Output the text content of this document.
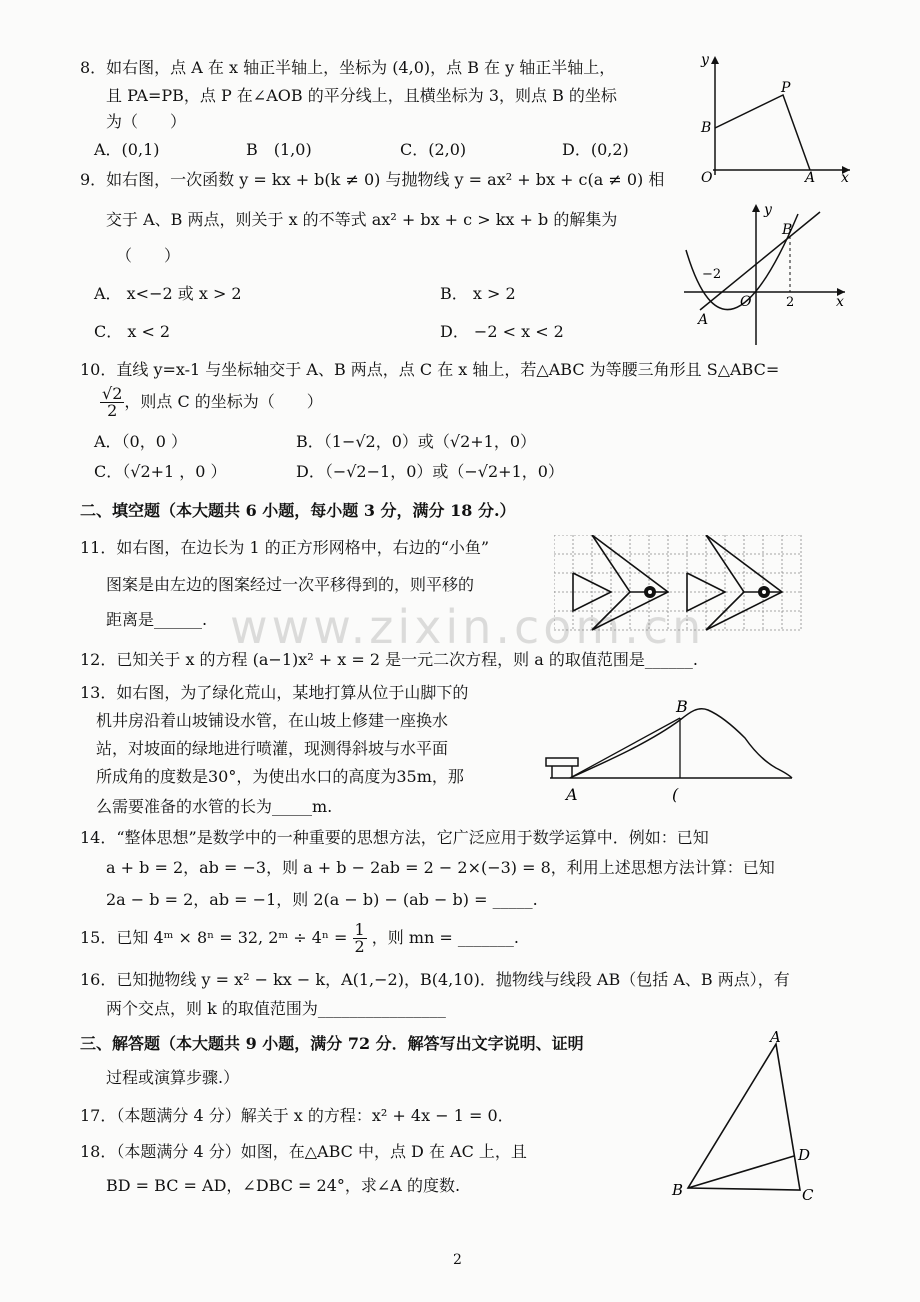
www.zixin.com.cn
8．如右图，点 A 在 x 轴正半轴上，坐标为 (4,0)，点 B 在 y 轴正半轴上，
且 PA=PB，点 P 在∠AOB 的平分线上，且横坐标为 3，则点 B 的坐标
为（　　）
A．(0,1)	B　(1,0)	C．(2,0)	D．(0,2)
y
x
O	A
B
P
9．如右图，一次函数 y = kx + b(k ≠ 0) 与抛物线 y = ax² + bx + c(a ≠ 0) 相
交于 A、B 两点，则关于 x 的不等式 ax² + bx + c > kx + b 的解集为
（　　）
A． x<−2 或 x > 2	B． x > 2
C． x < 2	D． −2 < x < 2
y
x
O
A
B
−2
2
10．直线 y=x-1 与坐标轴交于 A、B 两点，点 C 在 x 轴上，若△ABC 为等腰三角形且 S△ABC=
$\frac{√2}{2}$ ，则点 C 的坐标为（　　）
A．（0，0 ）	B．（1−√2，0）或（√2+1，0）
C．（√2+1 ，0 ）	D．（−√2−1，0）或（−√2+1，0）
二、填空题（本大题共 6 小题，每小题 3 分，满分 18 分.）
11．如右图，在边长为 1 的正方形网格中，右边的“小鱼”
图案是由左边的图案经过一次平移得到的，则平移的
距离是______.
12．已知关于 x 的方程 (a−1)x² + x = 2 是一元二次方程，则 a 的取值范围是______.
13．如右图，为了绿化荒山，某地打算从位于山脚下的
机井房沿着山坡铺设水管，在山坡上修建一座换水
站，对坡面的绿地进行喷灌，现测得斜坡与水平面
所成角的度数是30°，为使出水口的高度为35m，那
么需要准备的水管的长为_____m.
A
B
(
14．“整体思想”是数学中的一种重要的思想方法，它广泛应用于数学运算中．例如：已知
a + b = 2，ab = −3，则 a + b − 2ab = 2 − 2×(−3) = 8，利用上述思想方法计算：已知
2a − b = 2，ab = −1，则 2(a − b) − (ab − b) = _____.
15．已知 4ᵐ × 8ⁿ = 32, 2ᵐ ÷ $4^n = \frac{1}{2}$ ，则 mn = _______.
16．已知抛物线 y = x² − kx − k，A(1,−2)，B(4,10)．抛物线与线段 AB（包括 A、B 两点），有
两个交点，则 k 的取值范围为________________
三、解答题（本大题共 9 小题，满分 72 分．解答写出文字说明、证明
过程或演算步骤.）
17．（本题满分 4 分）解关于 x 的方程：x² + 4x − 1 = 0．
18．（本题满分 4 分）如图，在△ABC 中，点 D 在 AC 上，且
BD = BC = AD，∠DBC = 24°，求∠A 的度数.
A
B	C
D
2
